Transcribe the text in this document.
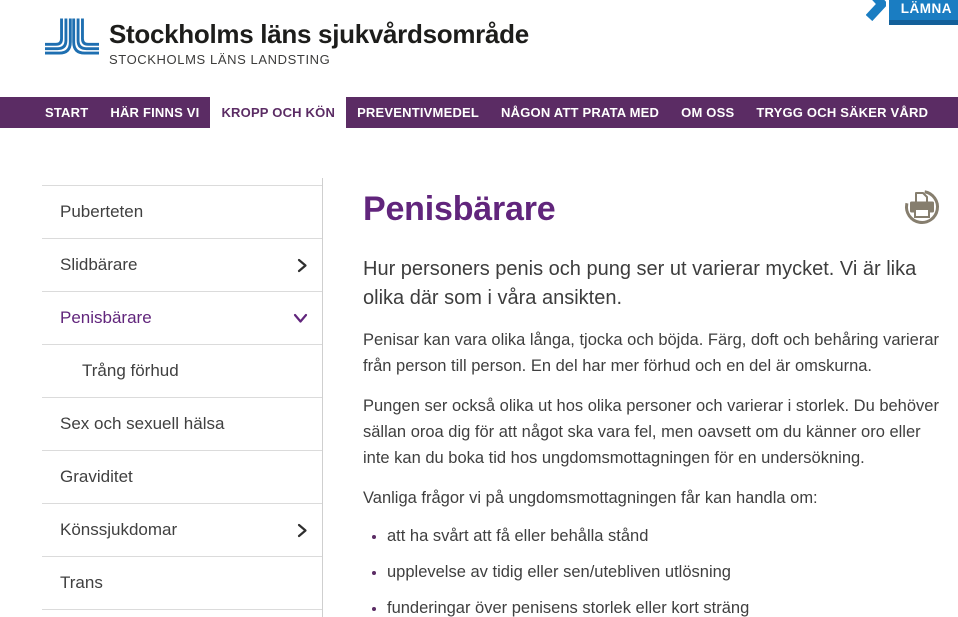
Stockholms läns sjukvårdsområde
STOCKHOLMS LÄNS LANDSTING
LÄMNA
START	HÄR FINNS VI	KROPP OCH KÖN	PREVENTIVMEDEL	NÅGON ATT PRATA MED	OM OSS	TRYGG OCH SÄKER VÅRD
Puberteten
Slidbärare
Penisbärare
Trång förhud
Sex och sexuell hälsa
Graviditet
Könssjukdomar
Trans
Penisbärare

Hur personers penis och pung ser ut varierar mycket. Vi är lika olika där som i våra ansikten.

Penisar kan vara olika långa, tjocka och böjda. Färg, doft och behåring varierar från person till person. En del har mer förhud och en del är omskurna.

Pungen ser också olika ut hos olika personer och varierar i storlek. Du behöver sällan oroa dig för att något ska vara fel, men oavsett om du känner oro eller inte kan du boka tid hos ungdomsmottagningen för en undersökning.

Vanliga frågor vi på ungdomsmottagningen får kan handla om:

• att ha svårt att få eller behålla stånd
• upplevelse av tidig eller sen/utebliven utlösning
• funderingar över penisens storlek eller kort sträng
